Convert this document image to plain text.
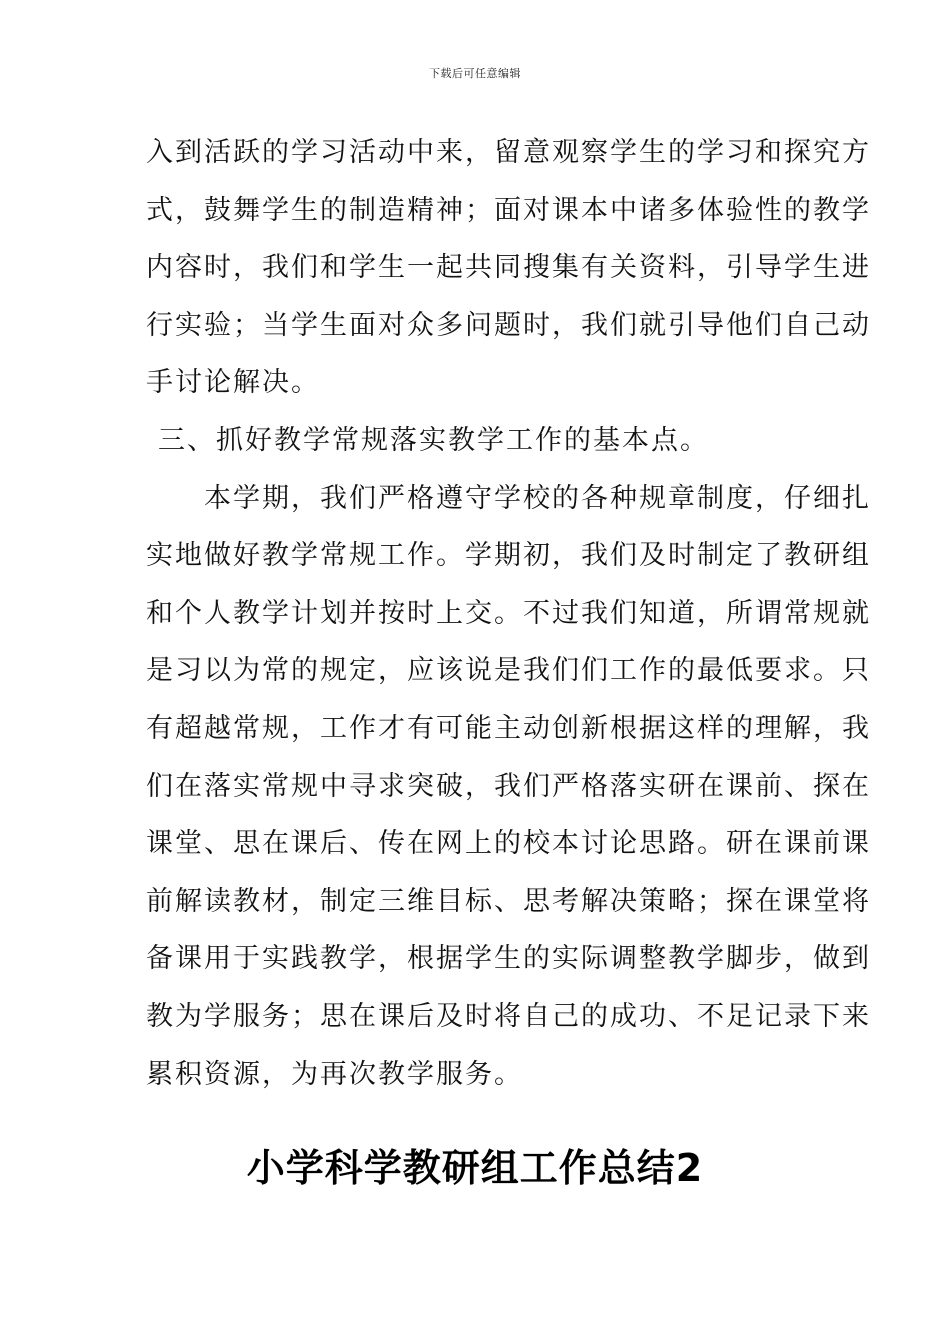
下载后可任意编辑
入到活跃的学习活动中来，留意观察学生的学习和探究方
式，鼓舞学生的制造精神；面对课本中诸多体验性的教学
内容时，我们和学生一起共同搜集有关资料，引导学生进
行实验；当学生面对众多问题时，我们就引导他们自己动
手讨论解决。
三、抓好教学常规落实教学工作的基本点。
　　本学期，我们严格遵守学校的各种规章制度，仔细扎
实地做好教学常规工作。学期初，我们及时制定了教研组
和个人教学计划并按时上交。不过我们知道，所谓常规就
是习以为常的规定，应该说是我们们工作的最低要求。只
有超越常规，工作才有可能主动创新根据这样的理解，我
们在落实常规中寻求突破，我们严格落实研在课前、探在
课堂、思在课后、传在网上的校本讨论思路。研在课前课
前解读教材，制定三维目标、思考解决策略；探在课堂将
备课用于实践教学，根据学生的实际调整教学脚步，做到
教为学服务；思在课后及时将自己的成功、不足记录下来
累积资源，为再次教学服务。
小学科学教研组工作总结2
